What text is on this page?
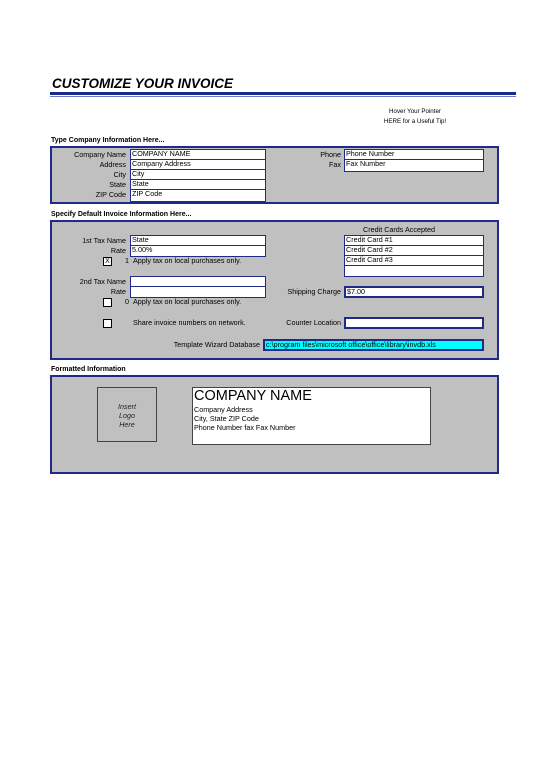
CUSTOMIZE YOUR INVOICE
Hover Your Pointer
HERE for a Useful Tip!
Type Company Information Here...
Company Name
Address
City
State
ZIP Code
COMPANY NAME
Company Address
City
State
ZIP Code
Phone
Fax
Phone Number
Fax Number
Specify Default Invoice Information Here...
1st Tax Name
Rate
State
5.00%
X	1 Apply tax on local purchases only.
2nd Tax Name
Rate
0 Apply tax on local purchases only.
Share invoice numbers on network.
Credit Cards Accepted
Credit Card #1
Credit Card #2
Credit Card #3
Shipping Charge $7.00
Counter Location
Template Wizard Database c:\program files\microsoft office\office\library\invdb.xls
Formatted Information
Insert
Logo
Here
COMPANY NAME
Company Address
City, State ZIP Code
Phone Number fax Fax Number
